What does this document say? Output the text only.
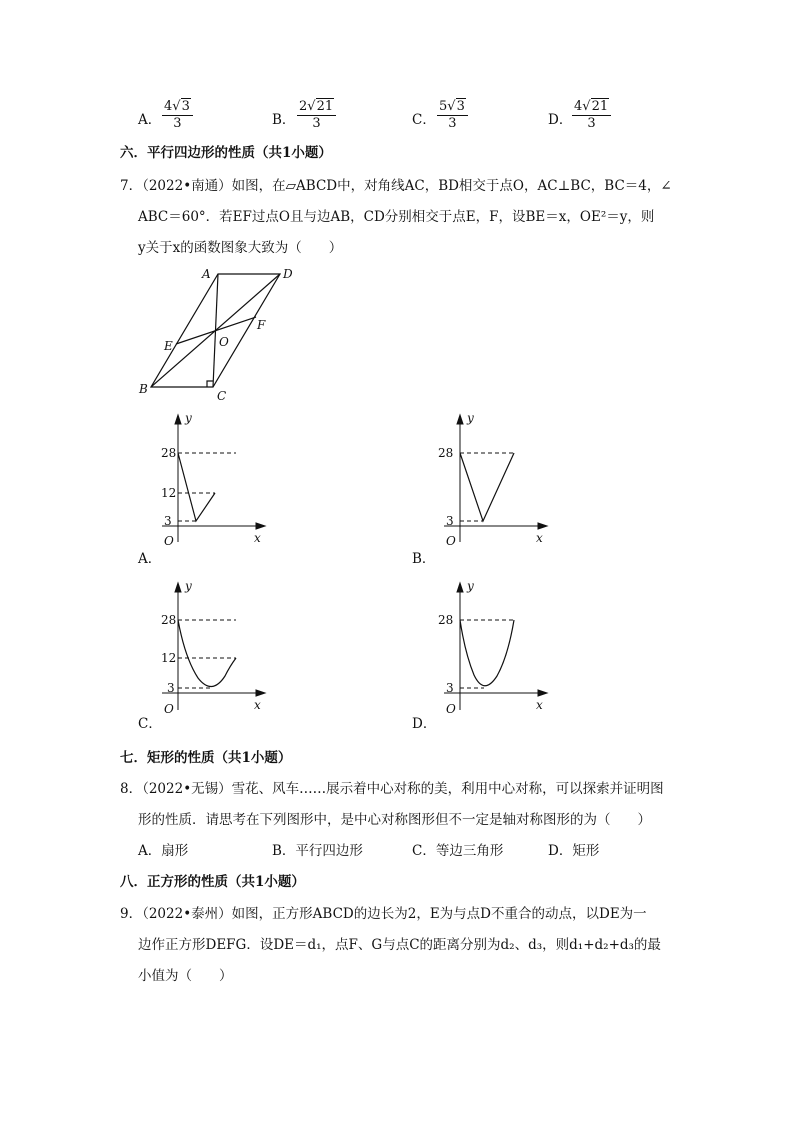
A． $\frac{4√3}{3}$	B． $\frac{2√21}{3}$	C． $\frac{5√3}{3}$	D． $\frac{4√21}{3}$
六．平行四边形的性质（共1小题）
7．（2022•南通）如图，在▱ABCD中，对角线AC，BD相交于点O，AC⊥BC，BC＝4，∠
ABC＝60°．若EF过点O且与边AB，CD分别相交于点E，F，设BE＝x，OE²＝y，则
y关于x的函数图象大致为（　　）
A	D
B	C
E
F
O
y
x
O
28
12
3
A．
y
x
O
28
3
B．
y
x
O
28
12
3
C．
y
x
O
28
3
D．
七．矩形的性质（共1小题）
8．（2022•无锡）雪花、风车……展示着中心对称的美，利用中心对称，可以探索并证明图
形的性质．请思考在下列图形中，是中心对称图形但不一定是轴对称图形的为（　　）
A．扇形	B．平行四边形	C．等边三角形	D．矩形
八．正方形的性质（共1小题）
9．（2022•泰州）如图，正方形ABCD的边长为2，E为与点D不重合的动点，以DE为一
边作正方形DEFG．设DE＝d₁，点F、G与点C的距离分别为d₂、d₃，则d₁+d₂+d₃的最
小值为（　　）
